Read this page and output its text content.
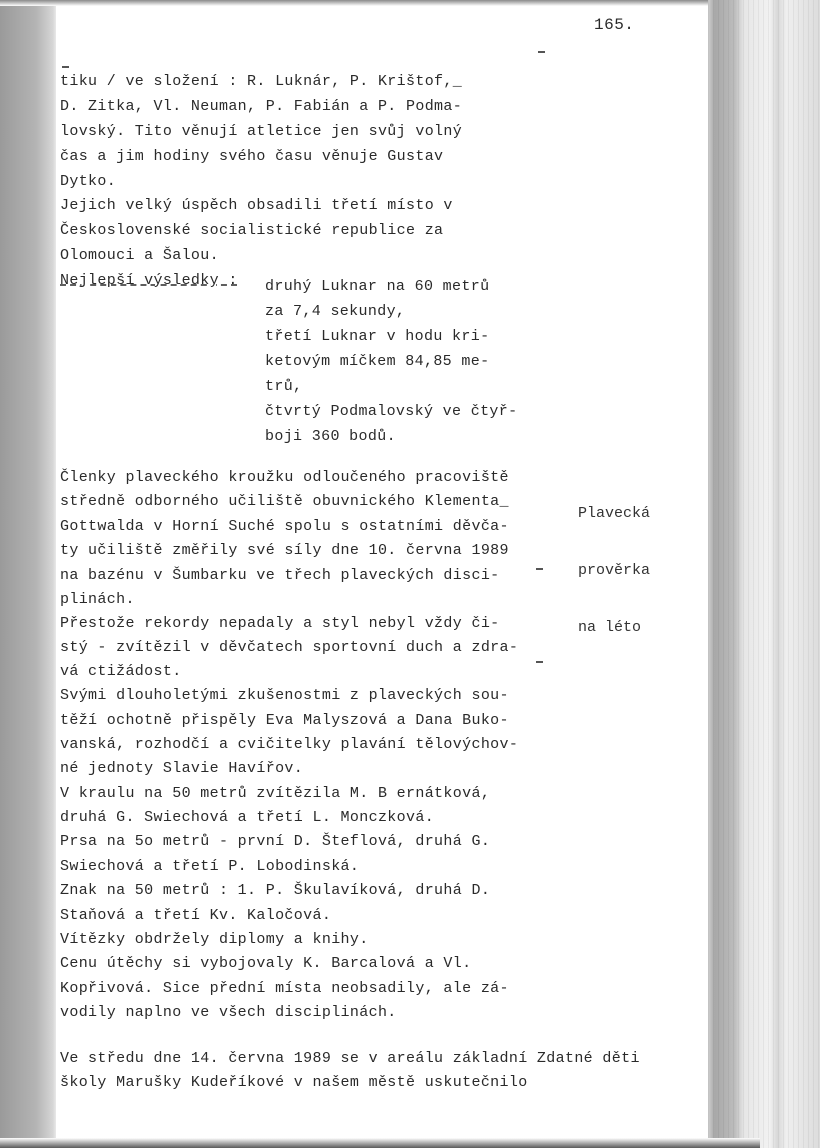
165.
tiku / ve složení : R. Luknár, P. Krištof,_
D. Zitka, Vl. Neuman, P. Fabián a P. Podma-
lovský. Tito věnují atletice jen svůj volný
čas a jim hodiny svého času věnuje Gustav
Dytko.
Jejich velký úspěch obsadili třetí místo v
Československé socialistické republice za
Olomouci a Šalou.
Nejlepší výsledky : druhý Luknar na 60 metrů
za 7,4 sekundy,
třetí Luknar v hodu kri-
ketovým míčkem 84,85 me-
trů,
čtvrtý Podmalovský ve čtyř-
boji 360 bodů.

Plavecká

prověrka

na léto

Členky plaveckého kroužku odloučeného pracoviště
středně odborného učiliště obuvnického Klementa_
Gottwalda v Horní Suché spolu s ostatními děvča-
ty učiliště změřily své síly dne 10. června 1989
na bazénu v Šumbarku ve třech plaveckých disci-
plinách.
Přestože rekordy nepadaly a styl nebyl vždy či-
stý - zvítězil v děvčatech sportovní duch a zdra-
vá ctižádost.
Svými dlouholetými zkušenostmi z plaveckých sou-
těží ochotně přispěly Eva Malyszová a Dana Buko-
vanská, rozhodčí a cvičitelky plavání tělovýchov-
né jednoty Slavie Havířov.
V kraulu na 50 metrů zvítězila M. B ernátková,
druhá G. Swiechová a třetí L. Monczková.
Prsa na 5o metrů - první D. Šteflová, druhá G.
Swiechová a třetí P. Lobodinská.
Znak na 50 metrů : 1. P. Škulavíková, druhá D.
Staňová a třetí Kv. Kaločová.
Vítězky obdržely diplomy a knihy.
Cenu útěchy si vybojovaly K. Barcalová a Vl.
Kopřivová. Sice přední místa neobsadily, ale zá-
vodily naplno ve všech disciplinách.
Ve středu dne 14. června 1989 se v areálu základní Zdatné děti
školy Marušky Kudeříkové v našem městě uskutečnilo
